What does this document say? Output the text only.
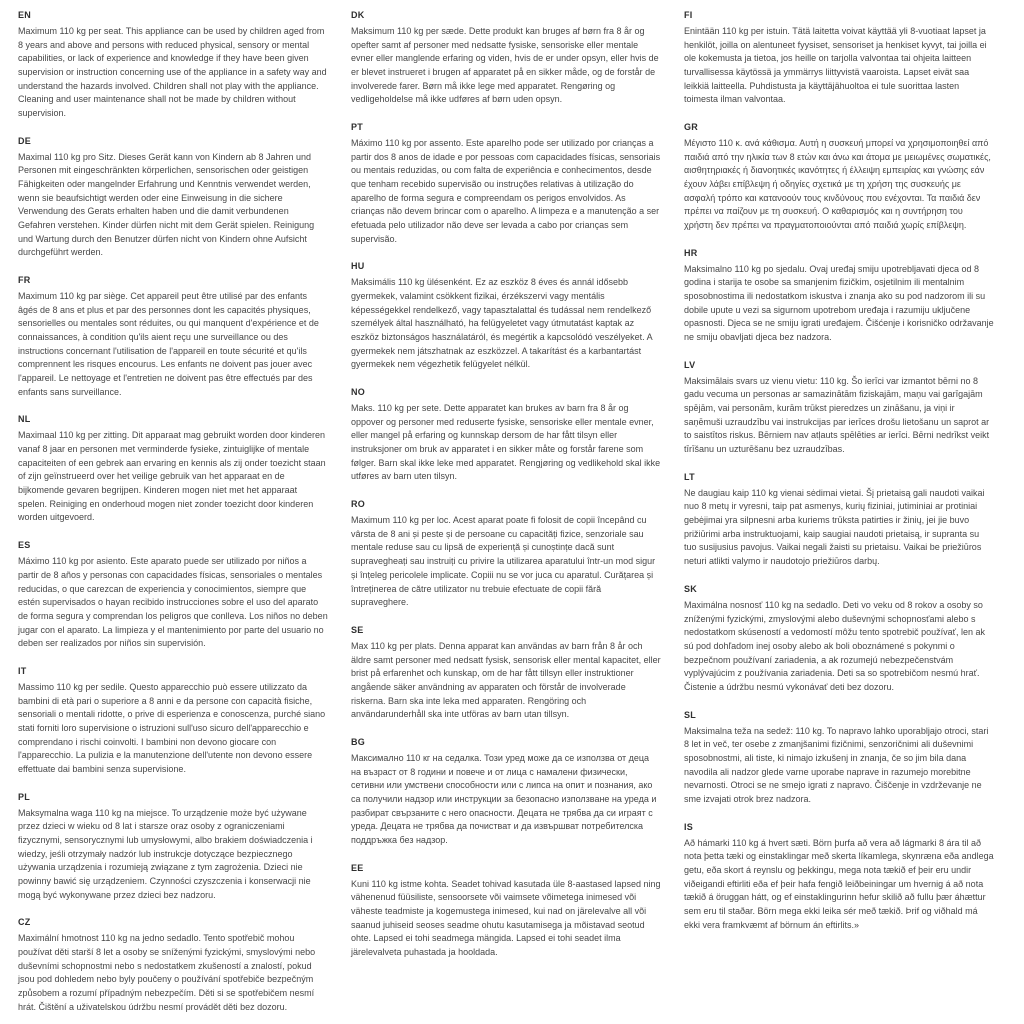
EN

Maximum 110 kg per seat. This appliance can be used by children aged from 8 years and above and persons with reduced physical, sensory or mental capabilities, or lack of experience and knowledge if they have been given supervision or instruction concerning use of the appliance in a safety way and understand the hazards involved. Children shall not play with the appliance. Cleaning and user maintenance shall not be made by children without supervision.

DE

Maximal 110 kg pro Sitz. Dieses Gerät kann von Kindern ab 8 Jahren und Personen mit eingeschränkten körperlichen, sensorischen oder geistigen Fähigkeiten oder mangelnder Erfahrung und Kenntnis verwendet werden, wenn sie beaufsichtigt werden oder eine Einweisung in die sichere Verwendung des Gerats erhalten haben und die damit verbundenen Gefahren verstehen. Kinder dürfen nicht mit dem Gerät spielen. Reinigung und Wartung durch den Benutzer dürfen nicht von Kindern ohne Aufsicht durchgeführt werden.

FR

Maximum 110 kg par siège. Cet appareil peut être utilisé par des enfants âgés de 8 ans et plus et par des personnes dont les capacités physiques, sensorielles ou mentales sont réduites, ou qui manquent d'expérience et de connaissances, à condition qu'ils aient reçu une surveillance ou des instructions concernant l'utilisation de l'appareil en toute sécurité et qu'ils comprennent les risques encourus. Les enfants ne doivent pas jouer avec l'appareil. Le nettoyage et l'entretien ne doivent pas être effectués par des enfants sans surveillance.

NL

Maximaal 110 kg per zitting. Dit apparaat mag gebruikt worden door kinderen vanaf 8 jaar en personen met verminderde fysieke, zintuiglijke of mentale capaciteiten of een gebrek aan ervaring en kennis als zij onder toezicht staan of zijn geïnstrueerd over het veilige gebruik van het apparaat en de bijkomende gevaren begrijpen. Kinderen mogen niet met het apparaat spelen. Reiniging en onderhoud mogen niet zonder toezicht door kinderen worden uitgevoerd.

ES

Máximo 110 kg por asiento. Este aparato puede ser utilizado por niños a partir de 8 años y personas con capacidades físicas, sensoriales o mentales reducidas, o que carezcan de experiencia y conocimientos, siempre que estén supervisados o hayan recibido instrucciones sobre el uso del aparato de forma segura y comprendan los peligros que conlleva. Los niños no deben jugar con el aparato. La limpieza y el mantenimiento por parte del usuario no deben ser realizados por niños sin supervisión.

IT

Massimo 110 kg per sedile. Questo apparecchio può essere utilizzato da bambini di età pari o superiore a 8 anni e da persone con capacità fisiche, sensoriali o mentali ridotte, o prive di esperienza e conoscenza, purché siano stati forniti loro supervisione o istruzioni sull'uso sicuro dell'apparecchio e comprendano i rischi coinvolti. I bambini non devono giocare con l'apparecchio. La pulizia e la manutenzione dell'utente non devono essere effettuate dai bambini senza supervisione.

PL

Maksymalna waga 110 kg na miejsce. To urządzenie może być używane przez dzieci w wieku od 8 lat i starsze oraz osoby z ograniczeniami fizycznymi, sensorycznymi lub umysłowymi, albo brakiem doświadczenia i wiedzy, jeśli otrzymały nadzór lub instrukcje dotyczące bezpiecznego używania urządzenia i rozumieją związane z tym zagrożenia. Dzieci nie powinny bawić się urządzeniem. Czynności czyszczenia i konserwacji nie mogą być wykonywane przez dzieci bez nadzoru.

CZ

Maximální hmotnost 110 kg na jedno sedadlo. Tento spotřebič mohou používat děti starší 8 let a osoby se sníženými fyzickými, smyslovými nebo duševními schopnostmi nebo s nedostatkem zkušeností a znalostí, pokud jsou pod dohledem nebo byly poučeny o používání spotřebiče bezpečným způsobem a rozumí případným nebezpečím. Děti si se spotřebičem nesmí hrát. Čištění a uživatelskou údržbu nesmí provádět děti bez dozoru.

DK

Maksimum 110 kg per sæde. Dette produkt kan bruges af børn fra 8 år og opefter samt af personer med nedsatte fysiske, sensoriske eller mentale evner eller manglende erfaring og viden, hvis de er under opsyn, eller hvis de er blevet instrueret i brugen af apparatet på en sikker måde, og de forstår de involverede farer. Børn må ikke lege med apparatet. Rengøring og vedligeholdelse må ikke udføres af børn uden opsyn.

PT

Máximo 110 kg por assento. Este aparelho pode ser utilizado por crianças a partir dos 8 anos de idade e por pessoas com capacidades físicas, sensoriais ou mentais reduzidas, ou com falta de experiência e conhecimentos, desde que tenham recebido supervisão ou instruções relativas à utilização do aparelho de forma segura e compreendam os perigos envolvidos. As crianças não devem brincar com o aparelho. A limpeza e a manutenção a ser efetuada pelo utilizador não deve ser levada a cabo por crianças sem supervisão.

HU

Maksimális 110 kg ülésenként. Ez az eszköz 8 éves és annál idősebb gyermekek, valamint csökkent fizikai, érzékszervi vagy mentális képességekkel rendelkező, vagy tapasztalattal és tudással nem rendelkező személyek által használható, ha felügyeletet vagy útmutatást kaptak az eszköz biztonságos használatáról, és megértik a kapcsolódó veszélyeket. A gyermekek nem játszhatnak az eszközzel. A takarítást és a karbantartást gyermekek nem végezhetik felügyelet nélkül.

NO

Maks. 110 kg per sete. Dette apparatet kan brukes av barn fra 8 år og oppover og personer med reduserte fysiske, sensoriske eller mentale evner, eller mangel på erfaring og kunnskap dersom de har fått tilsyn eller instruksjoner om bruk av apparatet i en sikker måte og forstår farene som følger. Barn skal ikke leke med apparatet. Rengjøring og vedlikehold skal ikke utføres av barn uten tilsyn.

RO

Maximum 110 kg per loc. Acest aparat poate fi folosit de copii începând cu vârsta de 8 ani și peste și de persoane cu capacități fizice, senzoriale sau mentale reduse sau cu lipsă de experiență și cunoștințe dacă sunt supravegheați sau instruiți cu privire la utilizarea aparatului într-un mod sigur și înțeleg pericolele implicate. Copiii nu se vor juca cu aparatul. Curățarea și întreținerea de către utilizator nu trebuie efectuate de copii fără supraveghere.

SE

Max 110 kg per plats. Denna apparat kan användas av barn från 8 år och äldre samt personer med nedsatt fysisk, sensorisk eller mental kapacitet, eller brist på erfarenhet och kunskap, om de har fått tillsyn eller instruktioner angående säker användning av apparaten och förstår de involverade riskerna. Barn ska inte leka med apparaten. Rengöring och användarunderhåll ska inte utföras av barn utan tillsyn.

BG

Максимално 110 кг на седалка. Този уред може да се използва от деца на възраст от 8 години и повече и от лица с намалени физически, сетивни или умствени способности или с липса на опит и познания, ако са получили надзор или инструкции за безопасно използване на уреда и разбират свързаните с него опасности. Децата не трябва да си играят с уреда. Децата не трябва да почистват и да извършват потребителска поддръжка без надзор.

EE

Kuni 110 kg istme kohta. Seadet tohivad kasutada üle 8-aastased lapsed ning vähenenud füüsiliste, sensoorsete või vaimsete võimetega inimesed või väheste teadmiste ja kogemustega inimesed, kui nad on järelevalve all või saanud juhiseid seoses seadme ohutu kasutamisega ja mõistavad seotud ohte. Lapsed ei tohi seadmega mängida. Lapsed ei tohi seadet ilma järelevalveta puhastada ja hooldada.

FI

Enintään 110 kg per istuin. Tätä laitetta voivat käyttää yli 8-vuotiaat lapset ja henkilöt, joilla on alentuneet fyysiset, sensoriset ja henkiset kyvyt, tai joilla ei ole kokemusta ja tietoa, jos heille on tarjolla valvontaa tai ohjeita laitteen turvallisessa käytössä ja ymmärrys liittyvistä vaaroista. Lapset eivät saa leikkiä laitteella. Puhdistusta ja käyttäjähuoltoa ei tule suorittaa lasten toimesta ilman valvontaa.

GR

Μέγιστο 110 κ. ανά κάθισμα. Αυτή η συσκευή μπορεί να χρησιμοποιηθεί από παιδιά από την ηλικία των 8 ετών και άνω και άτομα με μειωμένες σωματικές, αισθητηριακές ή διανοητικές ικανότητες ή έλλειψη εμπειρίας και γνώσης εάν έχουν λάβει επίβλεψη ή οδηγίες σχετικά με τη χρήση της συσκευής με ασφαλή τρόπο και κατανοούν τους κινδύνους που ενέχονται. Τα παιδιά δεν πρέπει να παίζουν με τη συσκευή. Ο καθαρισμός και η συντήρηση του χρήστη δεν πρέπει να πραγματοποιούνται από παιδιά χωρίς επίβλεψη.

HR

Maksimalno 110 kg po sjedalu. Ovaj uređaj smiju upotrebljavati djeca od 8 godina i starija te osobe sa smanjenim fizičkim, osjetilnim ili mentalnim sposobnostima ili nedostatkom iskustva i znanja ako su pod nadzorom ili su dobile upute u vezi sa sigurnom upotrebom uređaja i razumiju uključene opasnosti. Djeca se ne smiju igrati uređajem. Čišćenje i korisničko održavanje ne smiju obavljati djeca bez nadzora.

LV

Maksimālais svars uz vienu vietu: 110 kg. Šo ierīci var izmantot bērni no 8 gadu vecuma un personas ar samazinātām fiziskajām, maņu vai garīgajām spējām, vai personām, kurām trūkst pieredzes un zināšanu, ja viņi ir saņēmuši uzraudzību vai instrukcijas par ierīces drošu lietošanu un saprot ar to saistītos riskus. Bērniem nav atļauts spēlēties ar ierīci. Bērni nedrīkst veikt tīrīšanu un uzturēšanu bez uzraudzības.

LT

Ne daugiau kaip 110 kg vienai sėdimai vietai. Šį prietaisą gali naudoti vaikai nuo 8 metų ir vyresni, taip pat asmenys, kurių fiziniai, jutiminiai ar protiniai gebėjimai yra silpnesni arba kuriems trūksta patirties ir žinių, jei jie buvo prižiūrimi arba instruktuojami, kaip saugiai naudoti prietaisą, ir supranta su tuo susijusius pavojus. Vaikai negali žaisti su prietaisu. Vaikai be priežiūros neturi atlikti valymo ir naudotojo priežiūros darbų.

SK

Maximálna nosnosť 110 kg na sedadlo. Deti vo veku od 8 rokov a osoby so zníženými fyzickými, zmyslovými alebo duševnými schopnosťami alebo s nedostatkom skúseností a vedomostí môžu tento spotrebič používať, len ak sú pod dohľadom inej osoby alebo ak boli oboznámené s pokynmi o bezpečnom používaní zariadenia, a ak rozumejú nebezpečenstvám vyplývajúcim z používania zariadenia. Deti sa so spotrebičom nesmú hrať. Čistenie a údržbu nesmú vykonávať deti bez dozoru.

SL

Maksimalna teža na sedež: 110 kg. To napravo lahko uporabljajo otroci, stari 8 let in več, ter osebe z zmanjšanimi fizičnimi, senzoričnimi ali duševnimi sposobnostmi, ali tiste, ki nimajo izkušenj in znanja, če so jim bila dana navodila ali nadzor glede varne uporabe naprave in razumejo morebitne nevarnosti. Otroci se ne smejo igrati z napravo. Čiščenje in vzdrževanje ne sme izvajati otrok brez nadzora.

IS

Að hámarki 110 kg á hvert sæti. Börn þurfa að vera að lágmarki 8 ára til að nota þetta tæki og einstaklingar með skerta líkamlega, skynræna eða andlega getu, eða skort á reynslu og þekkingu, mega nota tækið ef þeir eru undir viðeigandi eftirliti eða ef þeir hafa fengið leiðbeiningar um hvernig á að nota tækið á öruggan hátt, og ef einstaklingurinn hefur skilið að fullu þær áhættur sem eru til staðar. Börn mega ekki leika sér með tækið. Þrif og viðhald má ekki vera framkvæmt af börnum án eftirlits.»
